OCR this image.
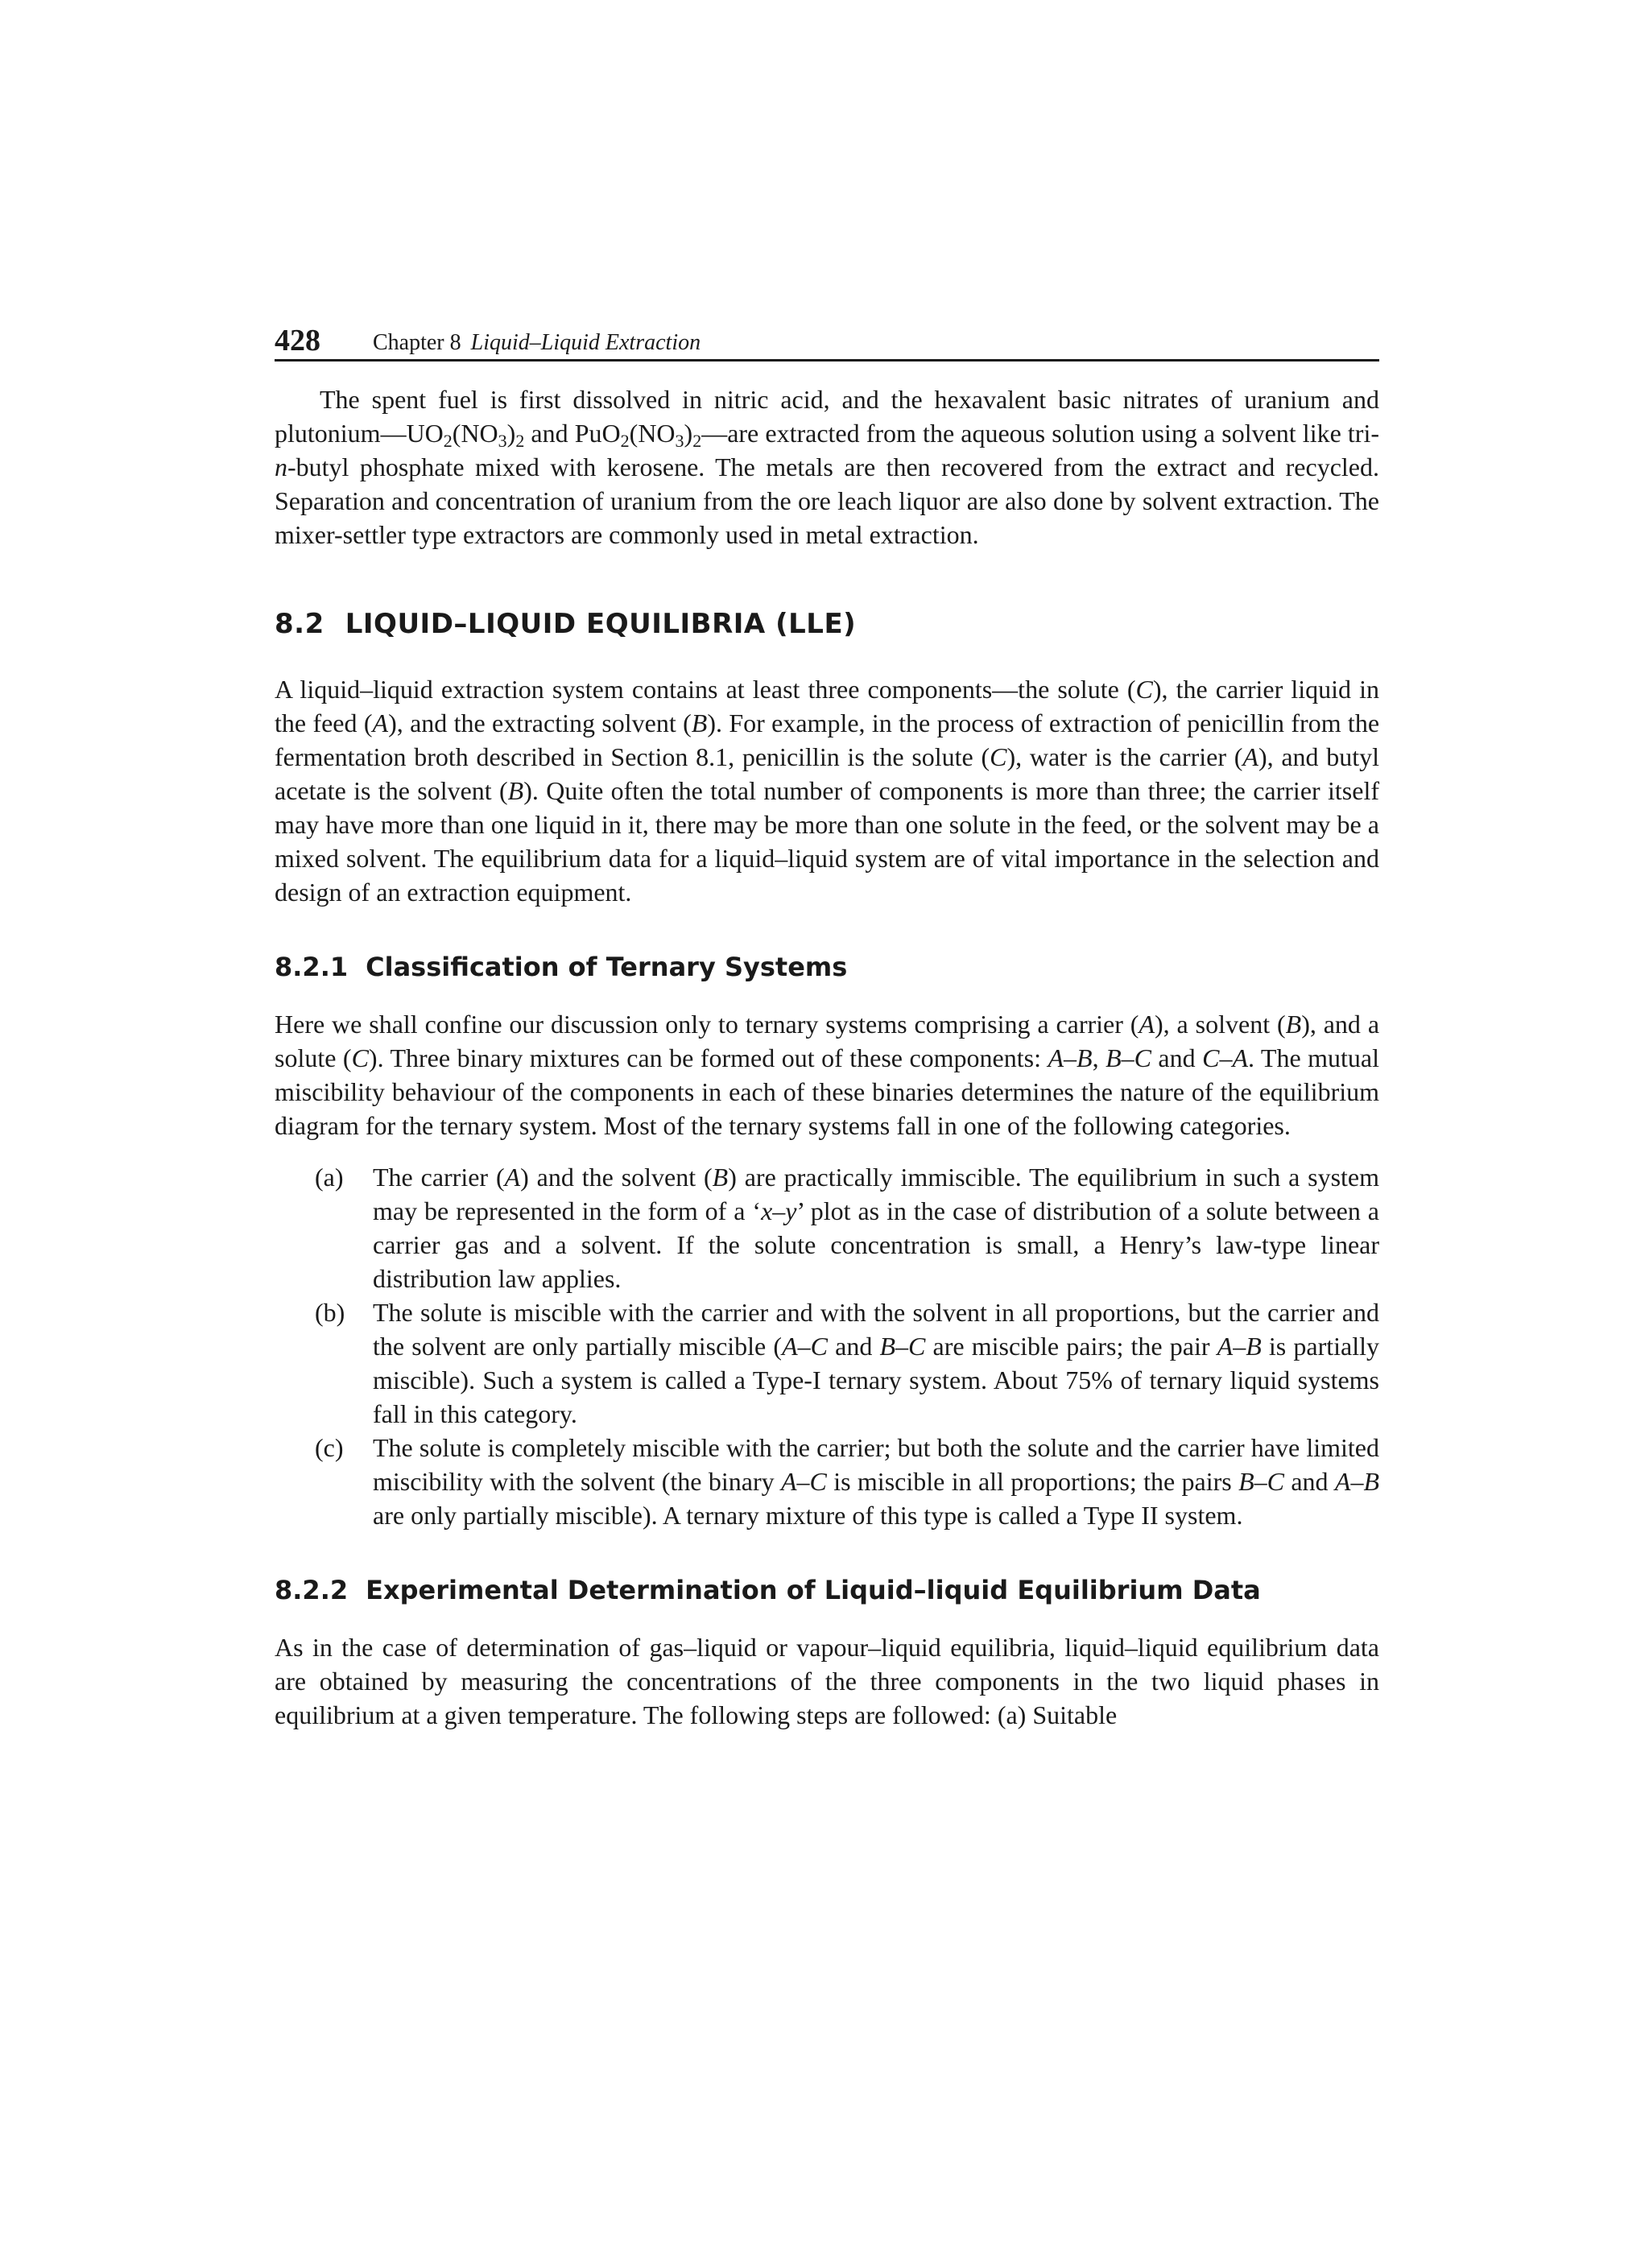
428 Chapter 8 Liquid–Liquid Extraction

The spent fuel is first dissolved in nitric acid, and the hexavalent basic nitrates of uranium and $plutonium—UO_2(NO_3)_2$ and $PuO_2(NO_3)_2—are$ extracted from the aqueous solution using a solvent like tri-n-butyl phosphate mixed with kerosene. The metals are then recovered from the extract and recycled. Separation and concentration of uranium from the ore leach liquor are also done by solvent extraction. The mixer-settler type extractors are commonly used in metal extraction.

8.2 LIQUID–LIQUID EQUILIBRIA (LLE)

A liquid–liquid extraction system contains at least three components—the solute (C), the carrier liquid in the feed (A), and the extracting solvent (B). For example, in the process of extraction of penicillin from the fermentation broth described in Section 8.1, penicillin is the solute (C), water is the carrier (A), and butyl acetate is the solvent (B). Quite often the total number of components is more than three; the carrier itself may have more than one liquid in it, there may be more than one solute in the feed, or the solvent may be a mixed solvent. The equilibrium data for a liquid–liquid system are of vital importance in the selection and design of an extraction equipment.

8.2.1 Classification of Ternary Systems

Here we shall confine our discussion only to ternary systems comprising a carrier (A), a solvent (B), and a solute (C). Three binary mixtures can be formed out of these components: A–B, B–C and C–A. The mutual miscibility behaviour of the components in each of these binaries determines the nature of the equilibrium diagram for the ternary system. Most of the ternary systems fall in one of the following categories.

(a) The carrier (A) and the solvent (B) are practically immiscible. The equilibrium in such a system may be represented in the form of a ‘x–y’ plot as in the case of distribution of a solute between a carrier gas and a solvent. If the solute concentration is small, a Henry’s law-type linear distribution law applies.
(b) The solute is miscible with the carrier and with the solvent in all proportions, but the carrier and the solvent are only partially miscible (A–C and B–C are miscible pairs; the pair A–B is partially miscible). Such a system is called a Type-I ternary system. About 75% of ternary liquid systems fall in this category.
(c) The solute is completely miscible with the carrier; but both the solute and the carrier have limited miscibility with the solvent (the binary A–C is miscible in all proportions; the pairs B–C and A–B are only partially miscible). A ternary mixture of this type is called a Type II system.
8.2.2 Experimental Determination of Liquid–liquid Equilibrium Data

As in the case of determination of gas–liquid or vapour–liquid equilibria, liquid–liquid equilibrium data are obtained by measuring the concentrations of the three components in the two liquid phases in equilibrium at a given temperature. The following steps are followed: (a) Suitable
